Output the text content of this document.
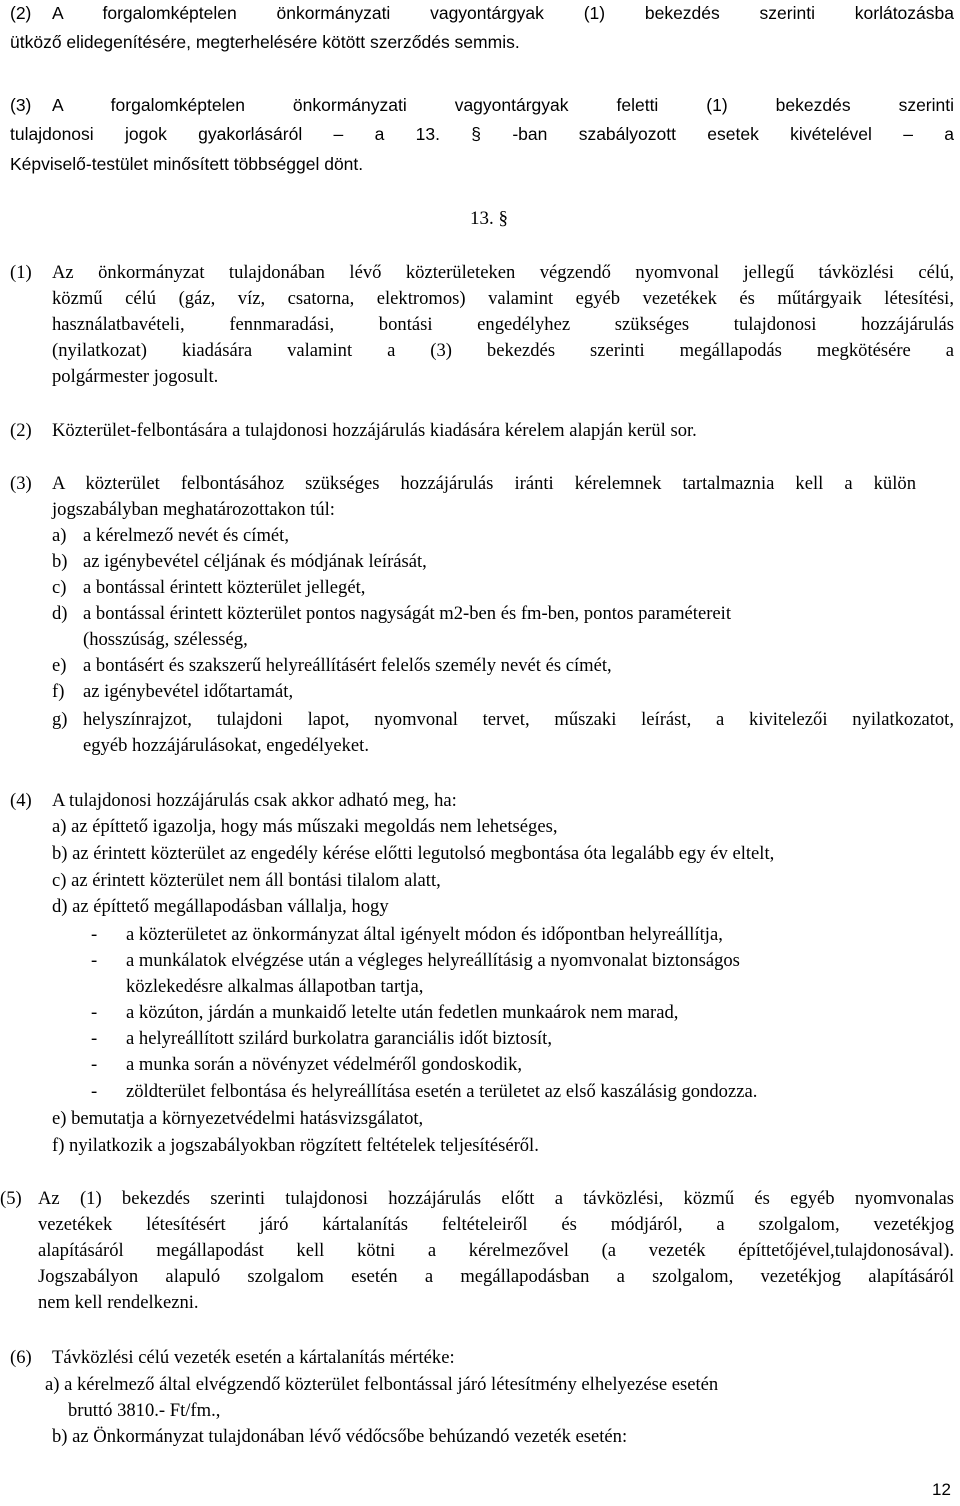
(2) A forgalomképtelen önkormányzati vagyontárgyak (1) bekezdés szerinti korlátozásba
ütköző elidegenítésére, megterhelésére kötött szerződés semmis.
(3) A forgalomképtelen önkormányzati vagyontárgyak feletti (1) bekezdés szerinti
tulajdonosi jogok gyakorlásáról – a 13. § -ban szabályozott esetek kivételével – a
Képviselő-testület minősített többséggel dönt.
13. §
(1) Az önkormányzat tulajdonában lévő közterületeken végzendő nyomvonal jellegű távközlési célú,
közmű célú (gáz, víz, csatorna, elektromos) valamint egyéb vezetékek és műtárgyaik létesítési,
használatbavételi, fennmaradási, bontási engedélyhez szükséges tulajdonosi hozzájárulás
(nyilatkozat) kiadására valamint a (3) bekezdés szerinti megállapodás megkötésére a
polgármester jogosult.
(2) Közterület-felbontására a tulajdonosi hozzájárulás kiadására kérelem alapján kerül sor.
(3) A közterület felbontásához szükséges hozzájárulás iránti kérelemnek tartalmaznia kell a külön
jogszabályban meghatározottakon túl:
a) a kérelmező nevét és címét,
b) az igénybevétel céljának és módjának leírását,
c) a bontással érintett közterület jellegét,
d) a bontással érintett közterület pontos nagyságát m2-ben és fm-ben, pontos paramétereit
(hosszúság, szélesség,
e) a bontásért és szakszerű helyreállításért felelős személy nevét és címét,
f) az igénybevétel időtartamát,
g) helyszínrajzot, tulajdoni lapot, nyomvonal tervet, műszaki leírást, a kivitelezői nyilatkozatot,
egyéb hozzájárulásokat, engedélyeket.
(4) A tulajdonosi hozzájárulás csak akkor adható meg, ha:
a) az építtető igazolja, hogy más műszaki megoldás nem lehetséges,
b) az érintett közterület az engedély kérése előtti legutolsó megbontása óta legalább egy év eltelt,
c) az érintett közterület nem áll bontási tilalom alatt,
d) az építtető megállapodásban vállalja, hogy
- a közterületet az önkormányzat által igényelt módon és időpontban helyreállítja,
- a munkálatok elvégzése után a végleges helyreállításig a nyomvonalat biztonságos
közlekedésre alkalmas állapotban tartja,
- a közúton, járdán a munkaidő letelte után fedetlen munkaárok nem marad,
- a helyreállított szilárd burkolatra garanciális időt biztosít,
- a munka során a növényzet védelméről gondoskodik,
- zöldterület felbontása és helyreállítása esetén a területet az első kaszálásig gondozza.
e) bemutatja a környezetvédelmi hatásvizsgálatot,
f) nyilatkozik a jogszabályokban rögzített feltételek teljesítéséről.
(5) Az (1) bekezdés szerinti tulajdonosi hozzájárulás előtt a távközlési, közmű és egyéb nyomvonalas
vezetékek létesítésért járó kártalanítás feltételeiről és módjáról, a szolgalom, vezetékjog
alapításáról megállapodást kell kötni a kérelmezővel (a vezeték építtetőjével,tulajdonosával).
Jogszabályon alapuló szolgalom esetén a megállapodásban a szolgalom, vezetékjog alapításáról
nem kell rendelkezni.
(6) Távközlési célú vezeték esetén a kártalanítás mértéke:
a) a kérelmező által elvégzendő közterület felbontással járó létesítmény elhelyezése esetén
bruttó 3810.- Ft/fm.,
b) az Önkormányzat tulajdonában lévő védőcsőbe behúzandó vezeték esetén:
12
